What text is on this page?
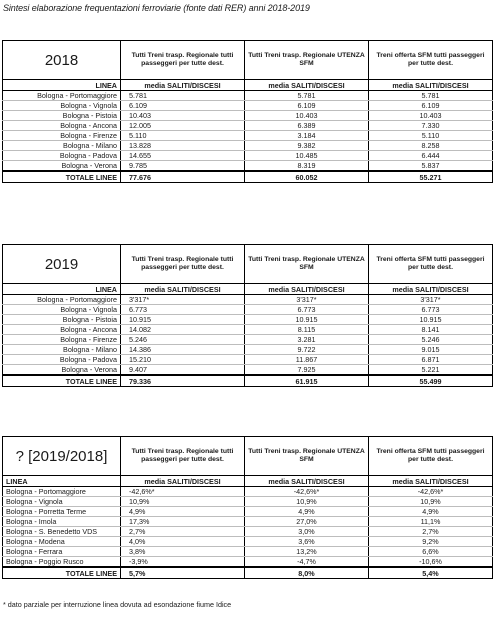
Sintesi elaborazione frequentazioni ferroviarie (fonte dati RER) anni 2018-2019
2018	Tutti Treni trasp. Regionale tutti passeggeri per tutte dest.	Tutti Treni trasp. Regionale UTENZA SFM	Treni offerta SFM tutti passeggeri per tutte dest.
LINEA	media SALITI/DISCESI	media SALITI/DISCESI	media SALITI/DISCESI
Bologna - Portomaggiore	5.781	5.781	5.781
Bologna - Vignola	6.109	6.109	6.109
Bologna - Pistoia	10.403	10.403	10.403
Bologna - Ancona	12.005	6.389	7.330
Bologna - Firenze	5.110	3.184	5.110
Bologna - Milano	13.828	9.382	8.258
Bologna - Padova	14.655	10.485	6.444
Bologna - Verona	9.785	8.319	5.837
TOTALE LINEE	77.676	60.052	55.271
2019	Tutti Treni trasp. Regionale tutti passeggeri per tutte dest.	Tutti Treni trasp. Regionale UTENZA SFM	Treni offerta SFM tutti passeggeri per tutte dest.
LINEA	media SALITI/DISCESI	media SALITI/DISCESI	media SALITI/DISCESI
Bologna - Portomaggiore	3'317*	3'317*	3'317*
Bologna - Vignola	6.773	6.773	6.773
Bologna - Pistoia	10.915	10.915	10.915
Bologna - Ancona	14.082	8.115	8.141
Bologna - Firenze	5.246	3.281	5.246
Bologna - Milano	14.386	9.722	9.015
Bologna - Padova	15.210	11.867	6.871
Bologna - Verona	9.407	7.925	5.221
TOTALE LINEE	79.336	61.915	55.499
? [2019/2018]	Tutti Treni trasp. Regionale tutti passeggeri per tutte dest.	Tutti Treni trasp. Regionale UTENZA SFM	Treni offerta SFM tutti passeggeri per tutte dest.
LINEA	media SALITI/DISCESI	media SALITI/DISCESI	media SALITI/DISCESI
Bologna - Portomaggiore	-42,6%*	-42,6%*	-42,6%*
Bologna - Vignola	10,9%	10,9%	10,9%
Bologna - Porretta Terme	4,9%	4,9%	4,9%
Bologna - Imola	17,3%	27,0%	11,1%
Bologna - S. Benedetto VDS	2,7%	3,0%	2,7%
Bologna - Modena	4,0%	3,6%	9,2%
Bologna - Ferrara	3,8%	13,2%	6,6%
Bologna - Poggio Rusco	-3,9%	-4,7%	-10,6%
TOTALE LINEE	5,7%	8,0%	5,4%
* dato parziale per interruzione linea dovuta ad esondazione fiume Idice
